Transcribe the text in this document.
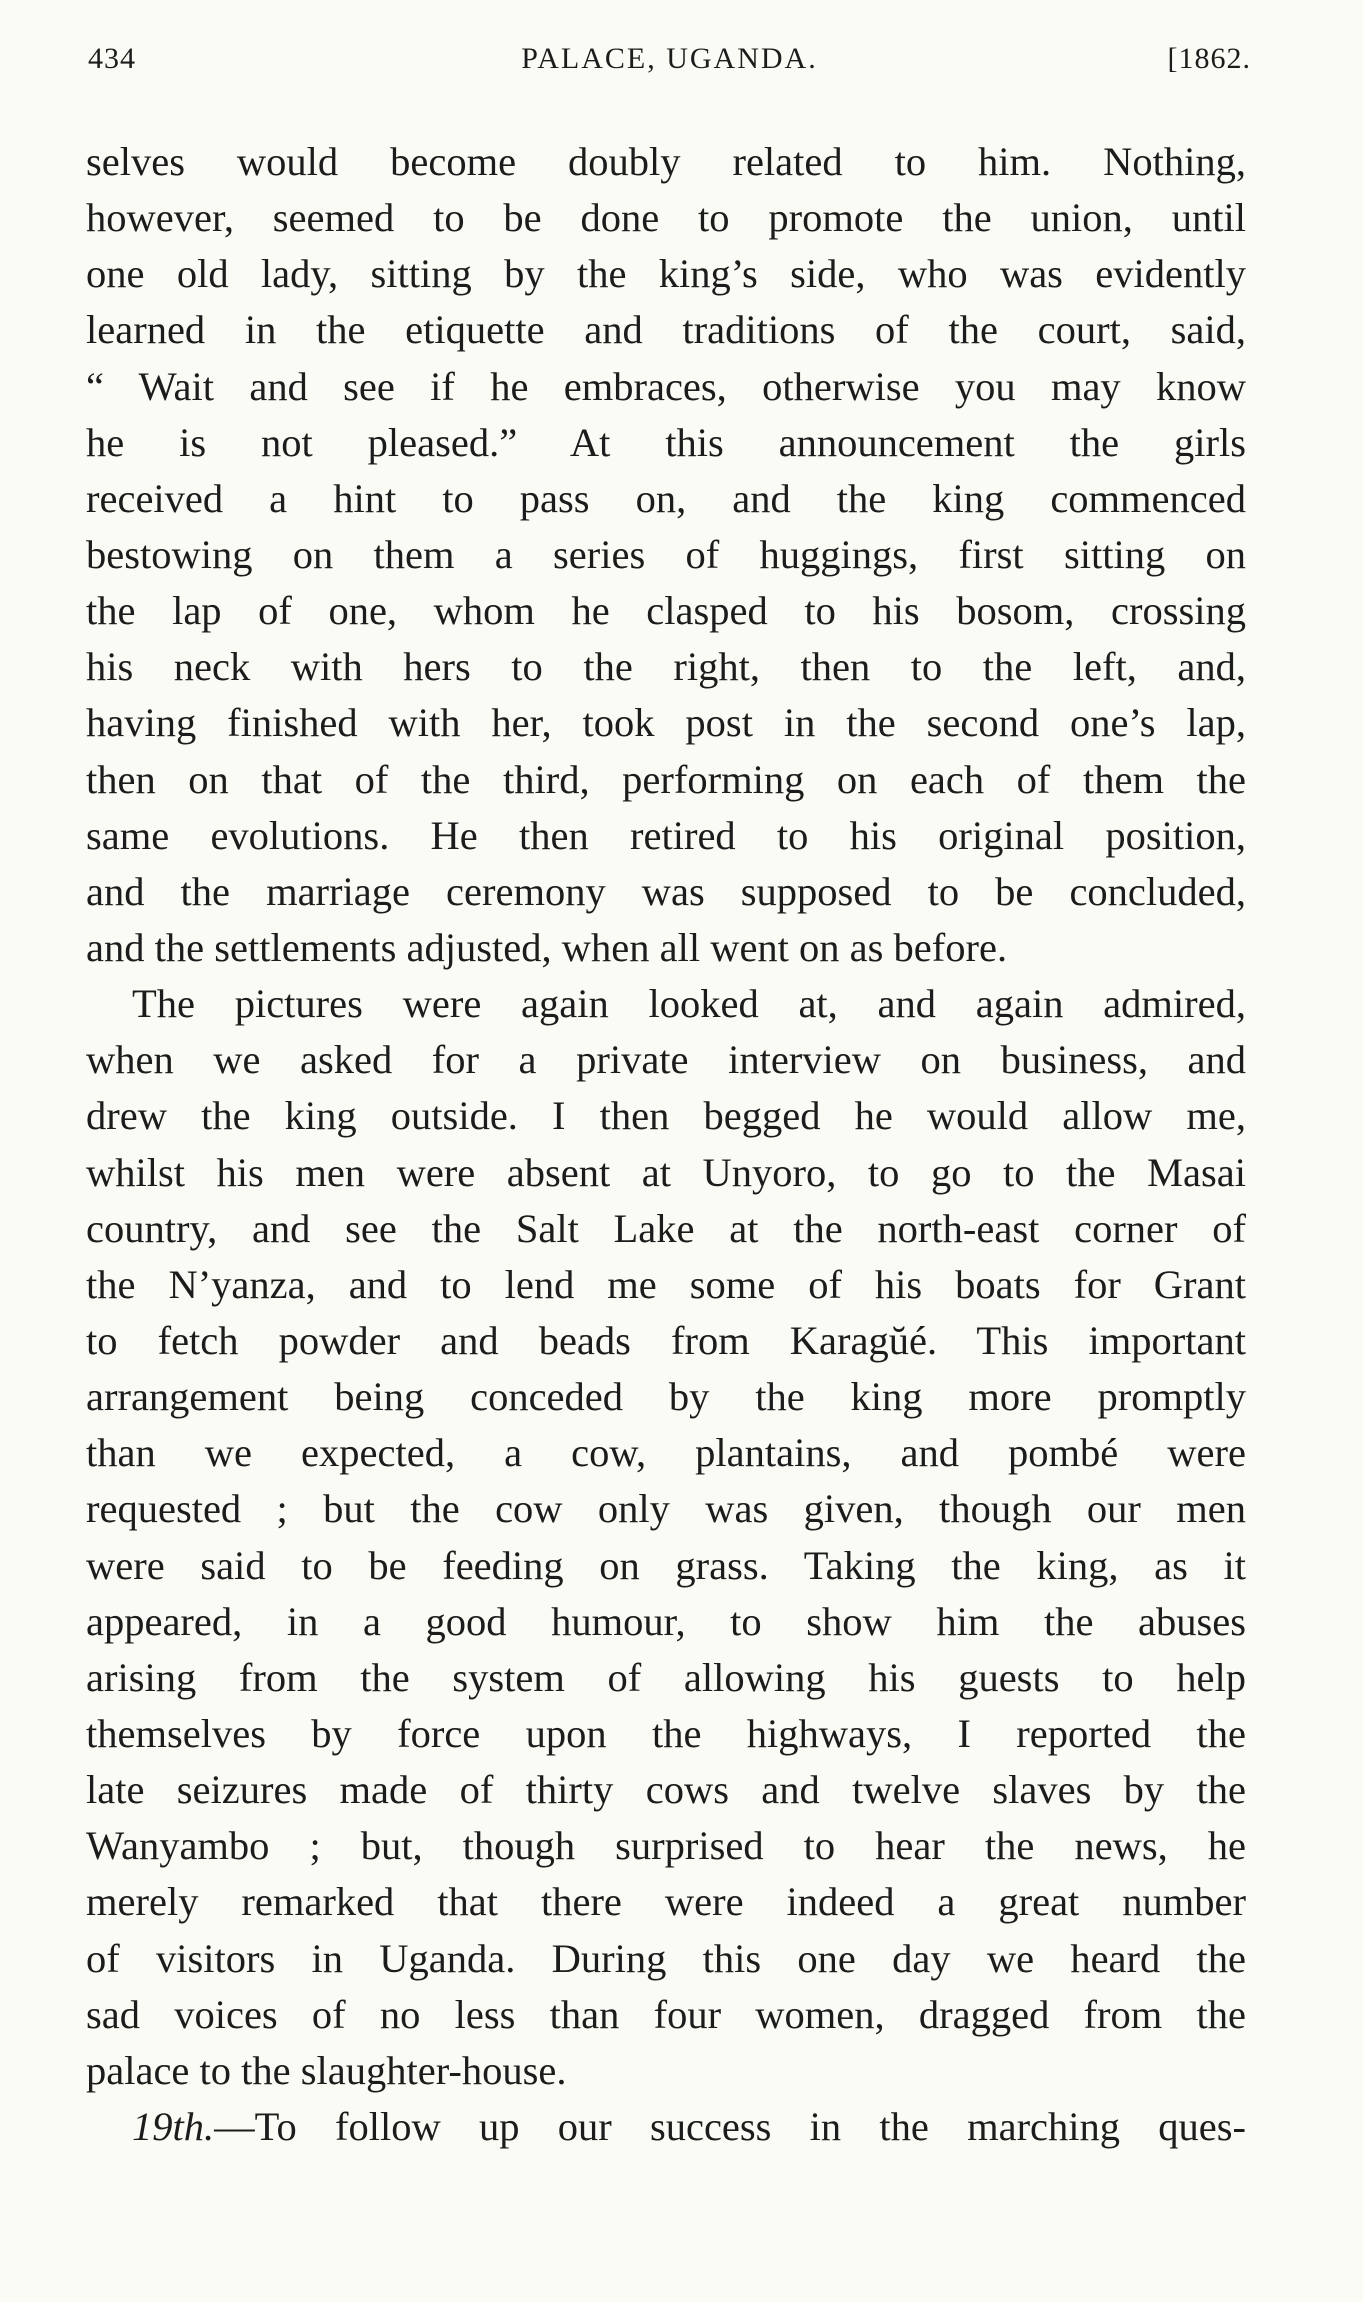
434	PALACE, UGANDA.	[1862.
selves would become doubly related to him. Nothing,
however, seemed to be done to promote the union, until
one old lady, sitting by the king’s side, who was evidently
learned in the etiquette and traditions of the court, said,
“ Wait and see if he embraces, otherwise you may know
he is not pleased.” At this announcement the girls
received a hint to pass on, and the king commenced
bestowing on them a series of huggings, first sitting on
the lap of one, whom he clasped to his bosom, crossing
his neck with hers to the right, then to the left, and,
having finished with her, took post in the second one’s lap,
then on that of the third, performing on each of them the
same evolutions. He then retired to his original position,
and the marriage ceremony was supposed to be concluded,
and the settlements adjusted, when all went on as before.
The pictures were again looked at, and again admired,
when we asked for a private interview on business, and
drew the king outside. I then begged he would allow me,
whilst his men were absent at Unyoro, to go to the Masai
country, and see the Salt Lake at the north-east corner of
the N’yanza, and to lend me some of his boats for Grant
to fetch powder and beads from Karagŭé. This important
arrangement being conceded by the king more promptly
than we expected, a cow, plantains, and pombé were
requested ; but the cow only was given, though our men
were said to be feeding on grass. Taking the king, as it
appeared, in a good humour, to show him the abuses
arising from the system of allowing his guests to help
themselves by force upon the highways, I reported the
late seizures made of thirty cows and twelve slaves by the
Wanyambo ; but, though surprised to hear the news, he
merely remarked that there were indeed a great number
of visitors in Uganda. During this one day we heard the
sad voices of no less than four women, dragged from the
palace to the slaughter-house.
19th.—To follow up our success in the marching ques-
